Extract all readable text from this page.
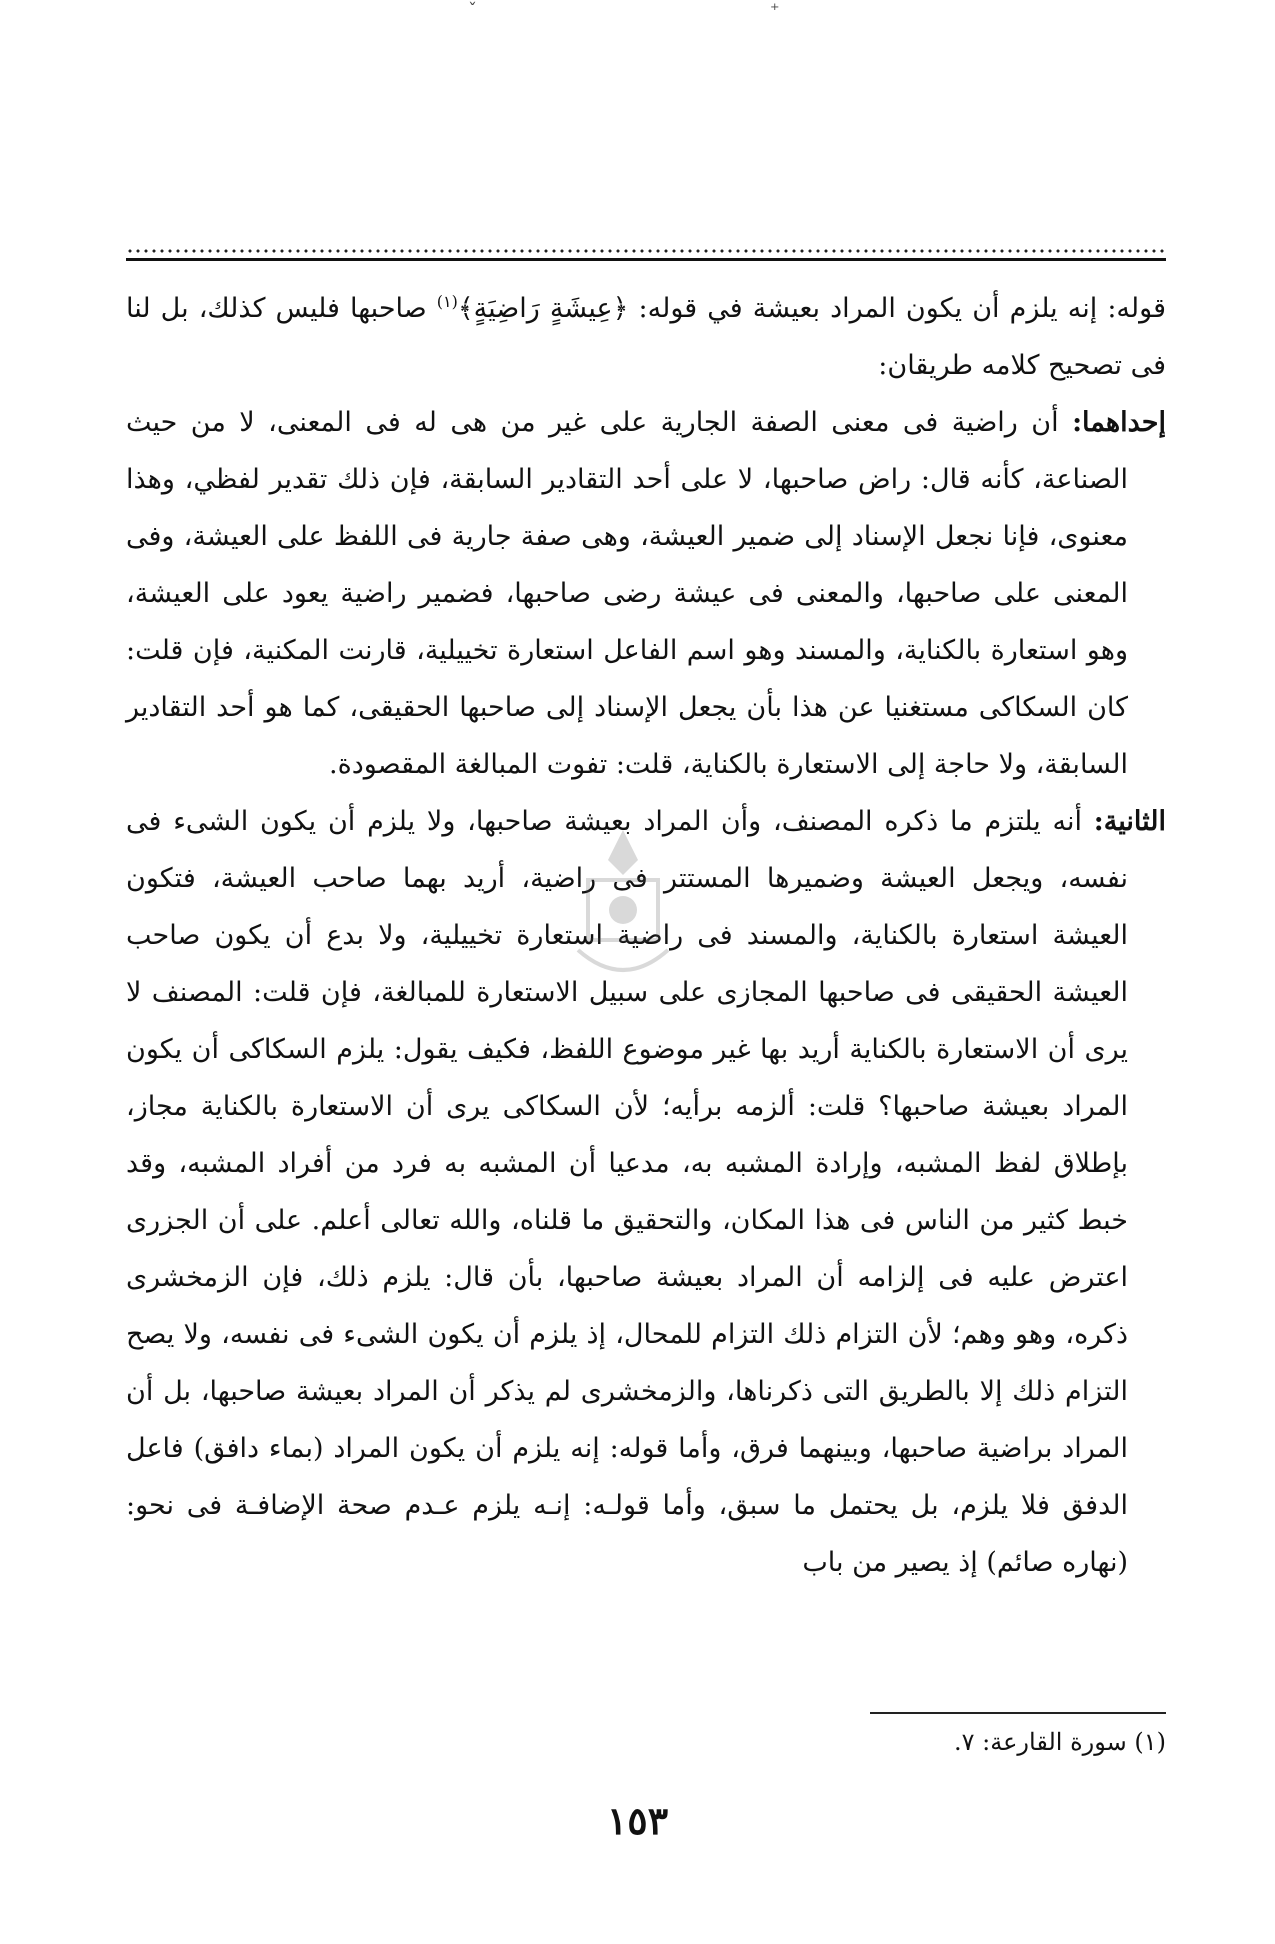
ˇ	⁺

قوله: إنه يلزم أن يكون المراد بعيشة في قوله: ﴿عِيشَةٍ رَاضِيَةٍ﴾$^{(١)}$ صاحبها فليس كذلك، بل لنا فى تصحيح كلامه طريقان:

إحداهما: أن راضية فى معنى الصفة الجارية على غير من هى له فى المعنى، لا من حيث الصناعة، كأنه قال: راض صاحبها، لا على أحد التقادير السابقة، فإن ذلك تقدير لفظي، وهذا معنوى، فإنا نجعل الإسناد إلى ضمير العيشة، وهى صفة جارية فى اللفظ على العيشة، وفى المعنى على صاحبها، والمعنى فى عيشة رضى صاحبها، فضمير راضية يعود على العيشة، وهو استعارة بالكناية، والمسند وهو اسم الفاعل استعارة تخييلية، قارنت المكنية، فإن قلت: كان السكاكى مستغنيا عن هذا بأن يجعل الإسناد إلى صاحبها الحقيقى، كما هو أحد التقادير السابقة، ولا حاجة إلى الاستعارة بالكناية، قلت: تفوت المبالغة المقصودة.

الثانية: أنه يلتزم ما ذكره المصنف، وأن المراد بعيشة صاحبها، ولا يلزم أن يكون الشىء فى نفسه، ويجعل العيشة وضميرها المستتر فى راضية، أريد بهما صاحب العيشة، فتكون العيشة استعارة بالكناية، والمسند فى راضية استعارة تخييلية، ولا بدع أن يكون صاحب العيشة الحقيقى فى صاحبها المجازى على سبيل الاستعارة للمبالغة، فإن قلت: المصنف لا يرى أن الاستعارة بالكناية أريد بها غير موضوع اللفظ، فكيف يقول: يلزم السكاكى أن يكون المراد بعيشة صاحبها؟ قلت: ألزمه برأيه؛ لأن السكاكى يرى أن الاستعارة بالكناية مجاز، بإطلاق لفظ المشبه، وإرادة المشبه به، مدعيا أن المشبه به فرد من أفراد المشبه، وقد خبط كثير من الناس فى هذا المكان، والتحقيق ما قلناه، والله تعالى أعلم. على أن الجزرى اعترض عليه فى إلزامه أن المراد بعيشة صاحبها، بأن قال: يلزم ذلك، فإن الزمخشرى ذكره، وهو وهم؛ لأن التزام ذلك التزام للمحال، إذ يلزم أن يكون الشىء فى نفسه، ولا يصح التزام ذلك إلا بالطريق التى ذكرناها، والزمخشرى لم يذكر أن المراد بعيشة صاحبها، بل أن المراد براضية صاحبها، وبينهما فرق، وأما قوله: إنه يلزم أن يكون المراد (بماء دافق) فاعل الدفق فلا يلزم، بل يحتمل ما سبق، وأما قولـه: إنـه يلزم عـدم صحة الإضافـة فى نحو: (نهاره صائم) إذ يصير من باب

(١) سورة القارعة: ٧.
١٥٣
